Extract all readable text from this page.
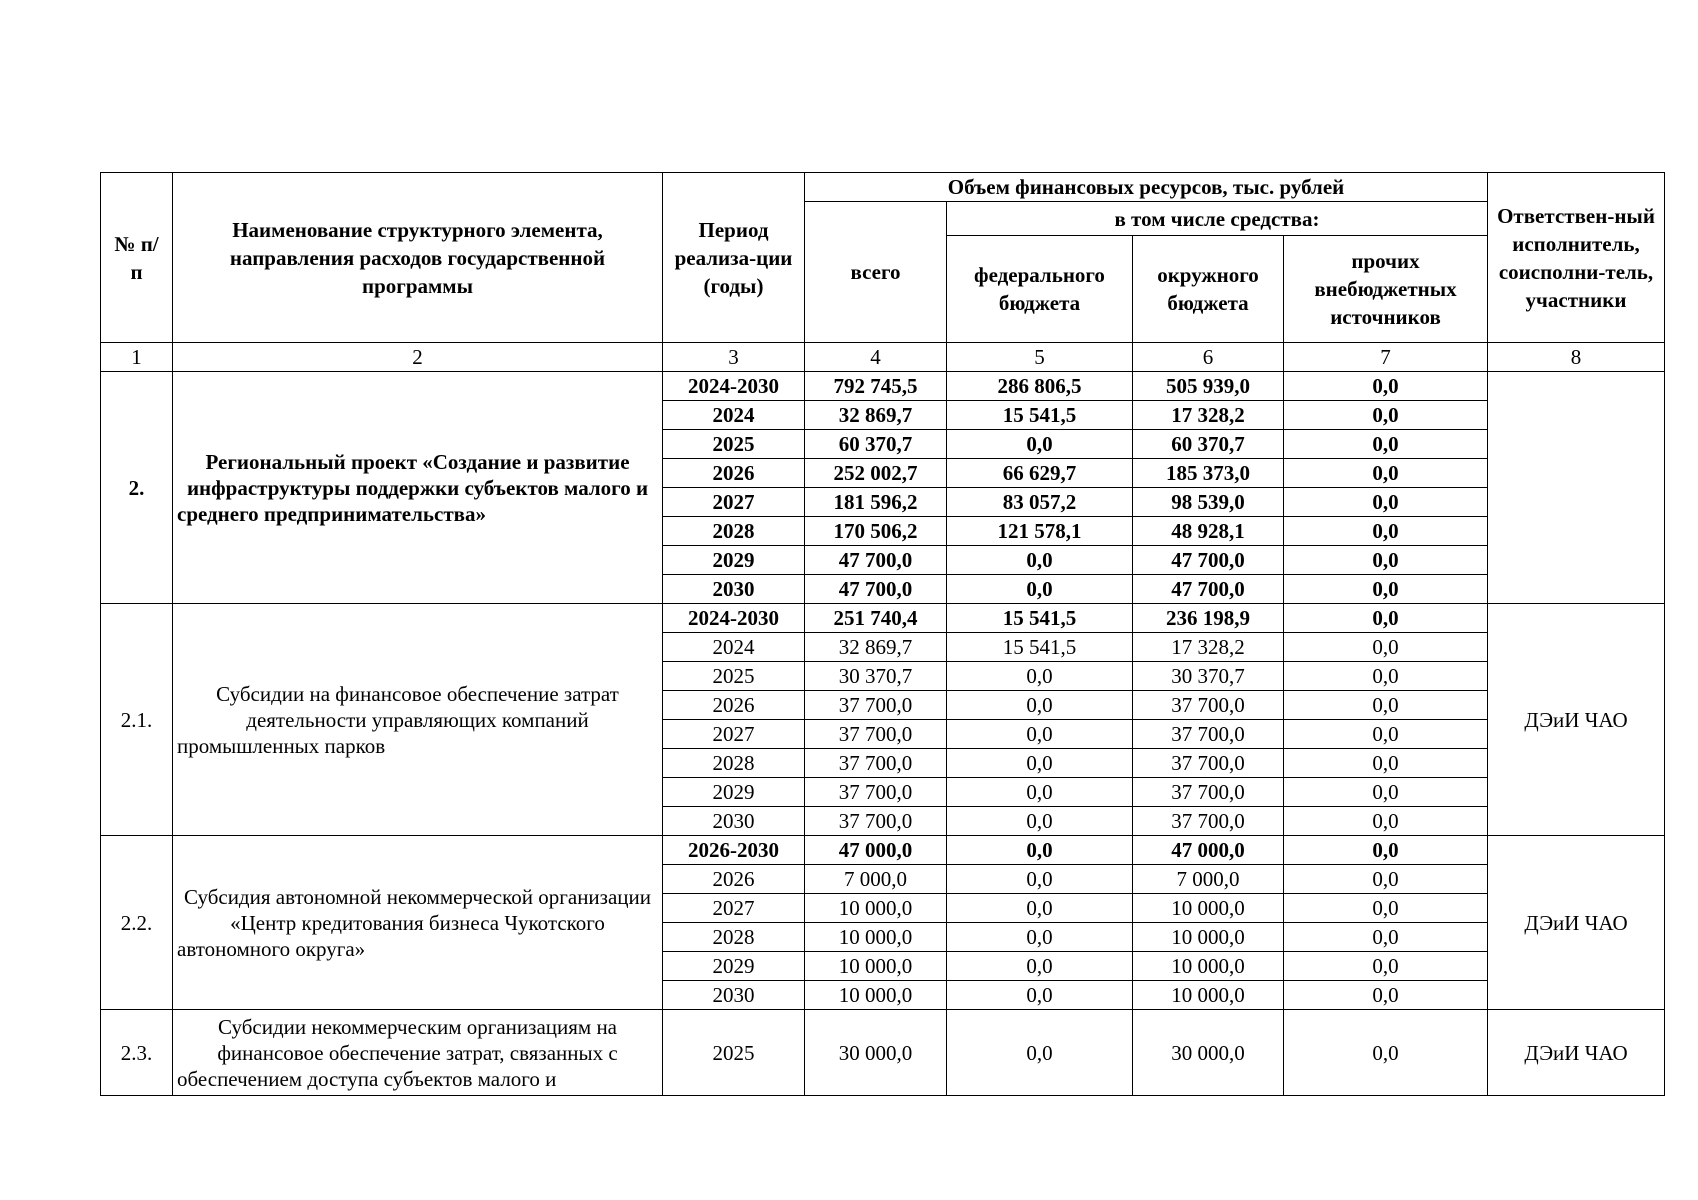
№ п/п	Наименование структурного элемента, направления расходов государственной программы	Период реализа-ции (годы)	Объем финансовых ресурсов, тыс. рублей				Ответствен-ный исполнитель, соисполни-тель, участники
			всего	в том числе средства:			
				федерального бюджета	окружного бюджета	прочих внебюджетных источников	
1	2	3	4	5	6	7	8
2.	Региональный проект «Создание и развитие инфраструктуры поддержки субъектов малого и среднего предпринимательства»	2024-2030	792 745,5	286 806,5	505 939,0	0,0	
		2024	32 869,7	15 541,5	17 328,2	0,0	
		2025	60 370,7	0,0	60 370,7	0,0	
		2026	252 002,7	66 629,7	185 373,0	0,0	
		2027	181 596,2	83 057,2	98 539,0	0,0	
		2028	170 506,2	121 578,1	48 928,1	0,0	
		2029	47 700,0	0,0	47 700,0	0,0	
		2030	47 700,0	0,0	47 700,0	0,0	
2.1.	Субсидии на финансовое обеспечение затрат деятельности управляющих компаний промышленных парков	2024-2030	251 740,4	15 541,5	236 198,9	0,0	ДЭиИ ЧАО
		2024	32 869,7	15 541,5	17 328,2	0,0	
		2025	30 370,7	0,0	30 370,7	0,0	
		2026	37 700,0	0,0	37 700,0	0,0	
		2027	37 700,0	0,0	37 700,0	0,0	
		2028	37 700,0	0,0	37 700,0	0,0	
		2029	37 700,0	0,0	37 700,0	0,0	
		2030	37 700,0	0,0	37 700,0	0,0	
2.2.	Субсидия автономной некоммерческой организации «Центр кредитования бизнеса Чукотского автономного округа»	2026-2030	47 000,0	0,0	47 000,0	0,0	ДЭиИ ЧАО
		2026	7 000,0	0,0	7 000,0	0,0	
		2027	10 000,0	0,0	10 000,0	0,0	
		2028	10 000,0	0,0	10 000,0	0,0	
		2029	10 000,0	0,0	10 000,0	0,0	
		2030	10 000,0	0,0	10 000,0	0,0	
2.3.	Субсидии некоммерческим организациям на финансовое обеспечение затрат, связанных с обеспечением доступа субъектов малого и	2025	30 000,0	0,0	30 000,0	0,0	ДЭиИ ЧАО
